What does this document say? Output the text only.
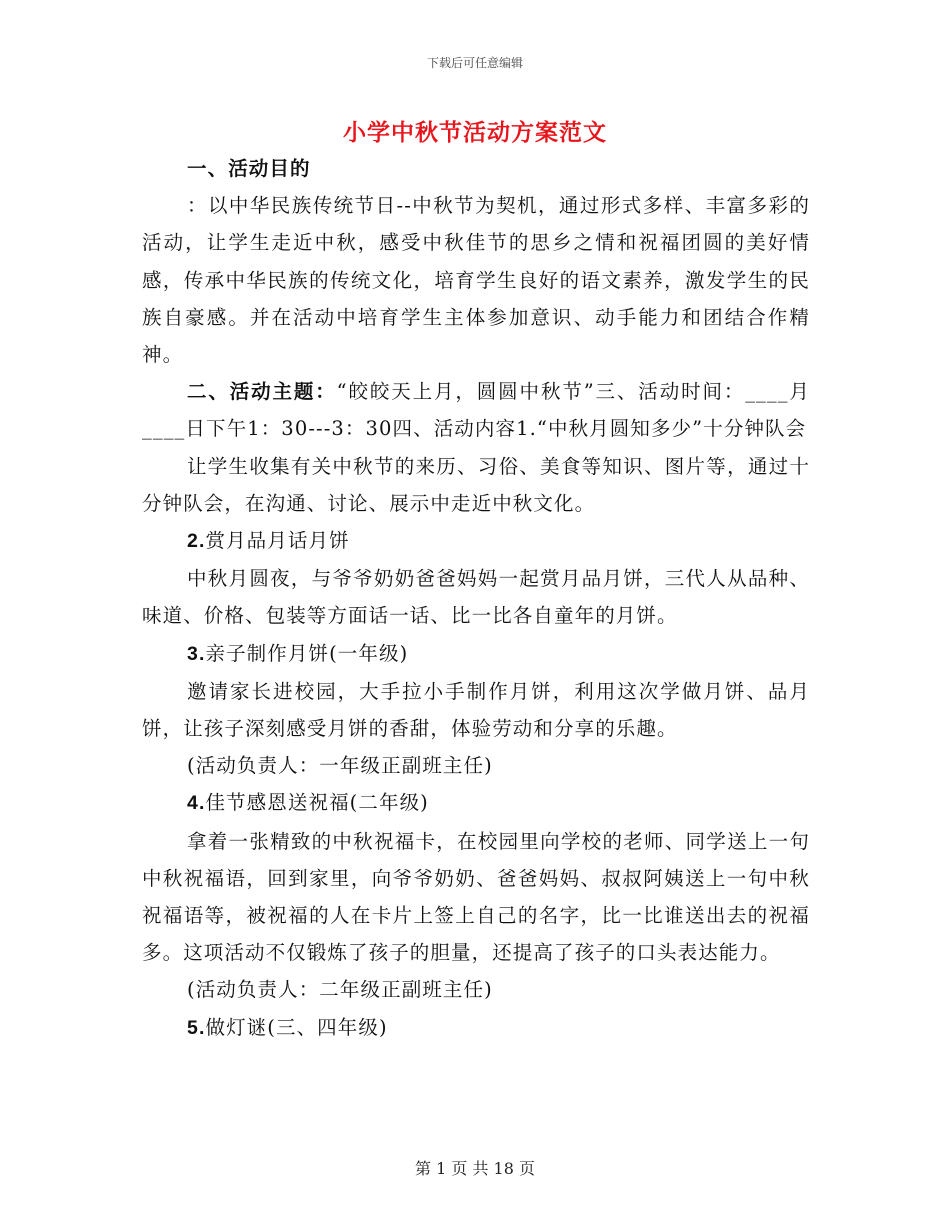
下载后可任意编辑
小学中秋节活动方案范文

一、活动目的

：以中华民族传统节日--中秋节为契机，通过形式多样、丰富多彩的活动，让学生走近中秋，感受中秋佳节的思乡之情和祝福团圆的美好情感，传承中华民族的传统文化，培育学生良好的语文素养，激发学生的民族自豪感。并在活动中培育学生主体参加意识、动手能力和团结合作精神。

二、活动主题：“皎皎天上月，圆圆中秋节”三、活动时间：____月____日下午1：30---3：30四、活动内容1.“中秋月圆知多少”十分钟队会

让学生收集有关中秋节的来历、习俗、美食等知识、图片等，通过十分钟队会，在沟通、讨论、展示中走近中秋文化。

2.赏月品月话月饼

中秋月圆夜，与爷爷奶奶爸爸妈妈一起赏月品月饼，三代人从品种、味道、价格、包装等方面话一话、比一比各自童年的月饼。

3.亲子制作月饼(一年级)

邀请家长进校园，大手拉小手制作月饼，利用这次学做月饼、品月饼，让孩子深刻感受月饼的香甜，体验劳动和分享的乐趣。

(活动负责人：一年级正副班主任)

4.佳节感恩送祝福(二年级)

拿着一张精致的中秋祝福卡，在校园里向学校的老师、同学送上一句中秋祝福语，回到家里，向爷爷奶奶、爸爸妈妈、叔叔阿姨送上一句中秋祝福语等，被祝福的人在卡片上签上自己的名字，比一比谁送出去的祝福多。这项活动不仅锻炼了孩子的胆量，还提高了孩子的口头表达能力。

(活动负责人：二年级正副班主任)

5.做灯谜(三、四年级)

第 1 页 共 18 页
